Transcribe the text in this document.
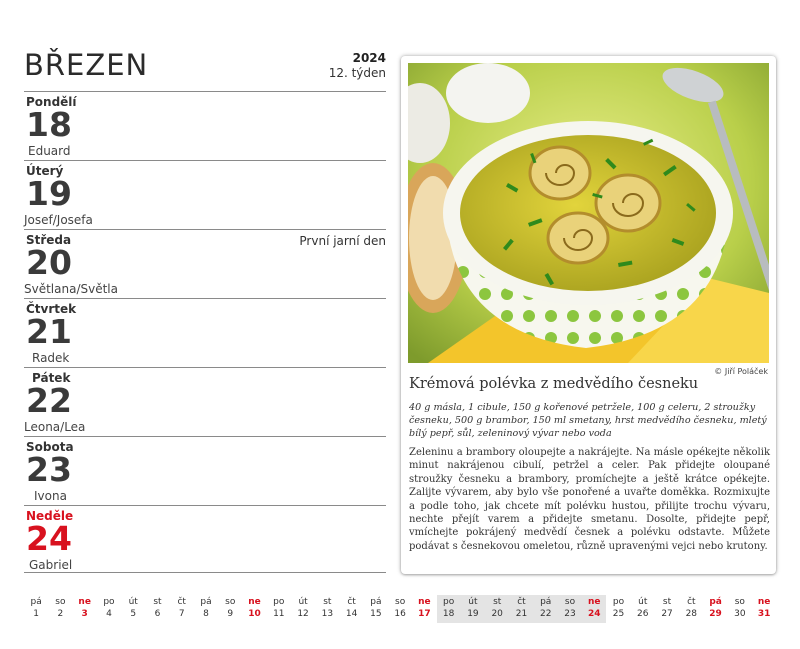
BŘEZEN	2024
12. týden
Pondělí
18
Eduard
Úterý
19
Josef/Josefa
Středa	První jarní den
20
Světlana/Světla
Čtvrtek
21
Radek
Pátek
22
Leona/Lea
Sobota
23
Ivona
Neděle
24
Gabriel
© Jiří Poláček
Krémová polévka z medvědího česneku
40 g másla, 1 cibule, 150 g kořenové petržele, 100 g celeru, 2 stroužky česneku, 500 g brambor, 150 ml smetany, hrst medvědího česneku, mletý bílý pepř, sůl, zeleninový vývar nebo voda
Zeleninu a brambory oloupejte a nakrájejte. Na másle opékejte několik minut nakrájenou cibulí, petržel a celer. Pak přidejte oloupané stroužky česneku a brambory, promíchejte a ještě krátce opékejte. Zalijte vývarem, aby bylo vše ponořené a uvařte doměkka. Rozmixujte a podle toho, jak chcete mít polévku hustou, přilijte trochu vývaru, nechte přejít varem a přidejte smetanu. Dosolte, přidejte pepř, vmíchejte pokrájený medvědí česnek a polévku odstavte. Můžete podávat s česnekovou omeletou, různě upravenými vejci nebo krutony.
pá
1
so
2
ne
3
po
4
út
5
st
6
čt
7
pá
8
so
9
ne
10
po
11
út
12
st
13
čt
14
pá
15
so
16
ne
17
po
18
út
19
st
20
čt
21
pá
22
so
23
ne
24
po
25
út
26
st
27
čt
28
pá
29
so
30
ne
31
